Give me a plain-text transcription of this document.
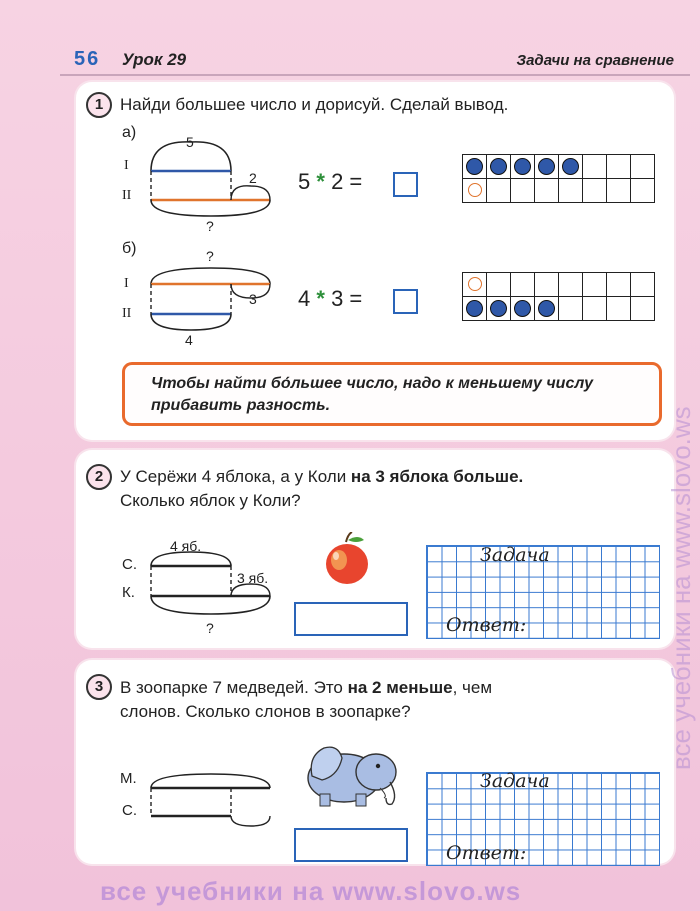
56 Урок 29	Задачи на сравнение
1 Найди большее число и дорисуй. Сделай вывод.
а)
I
II
5
2
?
5 * 2 =

б)	?
I
II
3
4
4 * 3 =

Чтобы найти бо́льшее число, надо к меньшему числу прибавить разность.
2 У Серёжи 4 яблока, а у Коли на 3 яблока больше.
Сколько яблок у Коли?
С.
К.
4 яб.
3 яб.
?
Задача
Ответ:
3 В зоопарке 7 медведей. Это на 2 меньше, чем
слонов. Сколько слонов в зоопарке?
М.
С.
Задача
Ответ:
все учебники на www.slovo.ws
все учебники на www.slovo.ws
